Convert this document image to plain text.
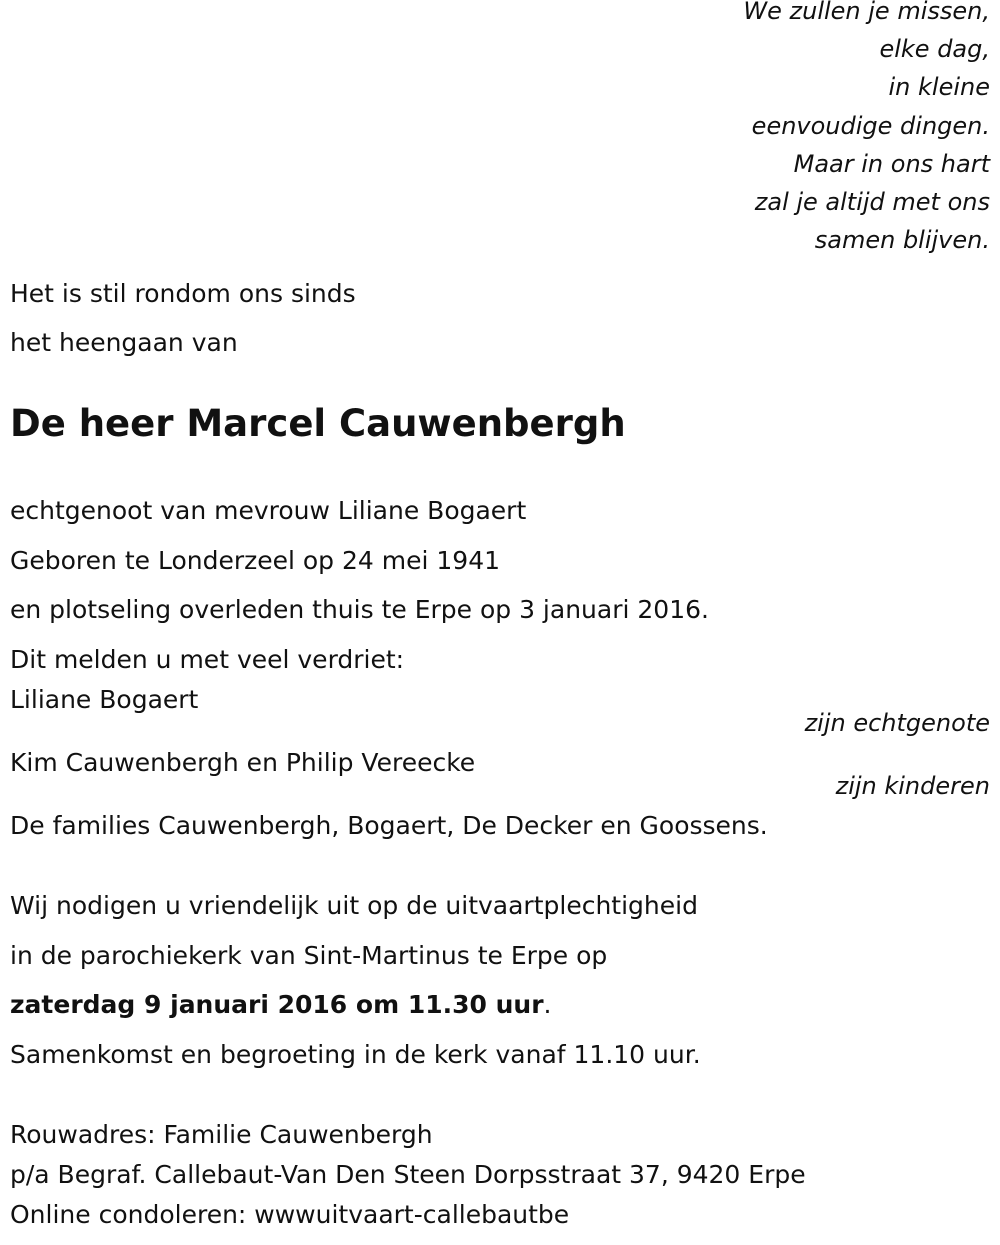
We zullen je missen,
elke dag,
in kleine
eenvoudige dingen.
Maar in ons hart
zal je altijd met ons
samen blijven.

Het is stil rondom ons sinds

het heengaan van

De heer Marcel Cauwenbergh

echtgenoot van mevrouw Liliane Bogaert

Geboren te Londerzeel op 24 mei 1941

en plotseling overleden thuis te Erpe op 3 januari 2016.

Dit melden u met veel verdriet:

Liliane Bogaert

zijn echtgenote

Kim Cauwenbergh en Philip Vereecke

zijn kinderen

De families Cauwenbergh, Bogaert, De Decker en Goossens.

Wij nodigen u vriendelijk uit op de uitvaartplechtigheid

in de parochiekerk van Sint-Martinus te Erpe op

zaterdag 9 januari 2016 om 11.30 uur.

Samenkomst en begroeting in de kerk vanaf 11.10 uur.

Rouwadres: Familie Cauwenbergh

p/a Begraf. Callebaut-Van Den Steen Dorpsstraat 37, 9420 Erpe

Online condoleren: wwwuitvaart-callebautbe
